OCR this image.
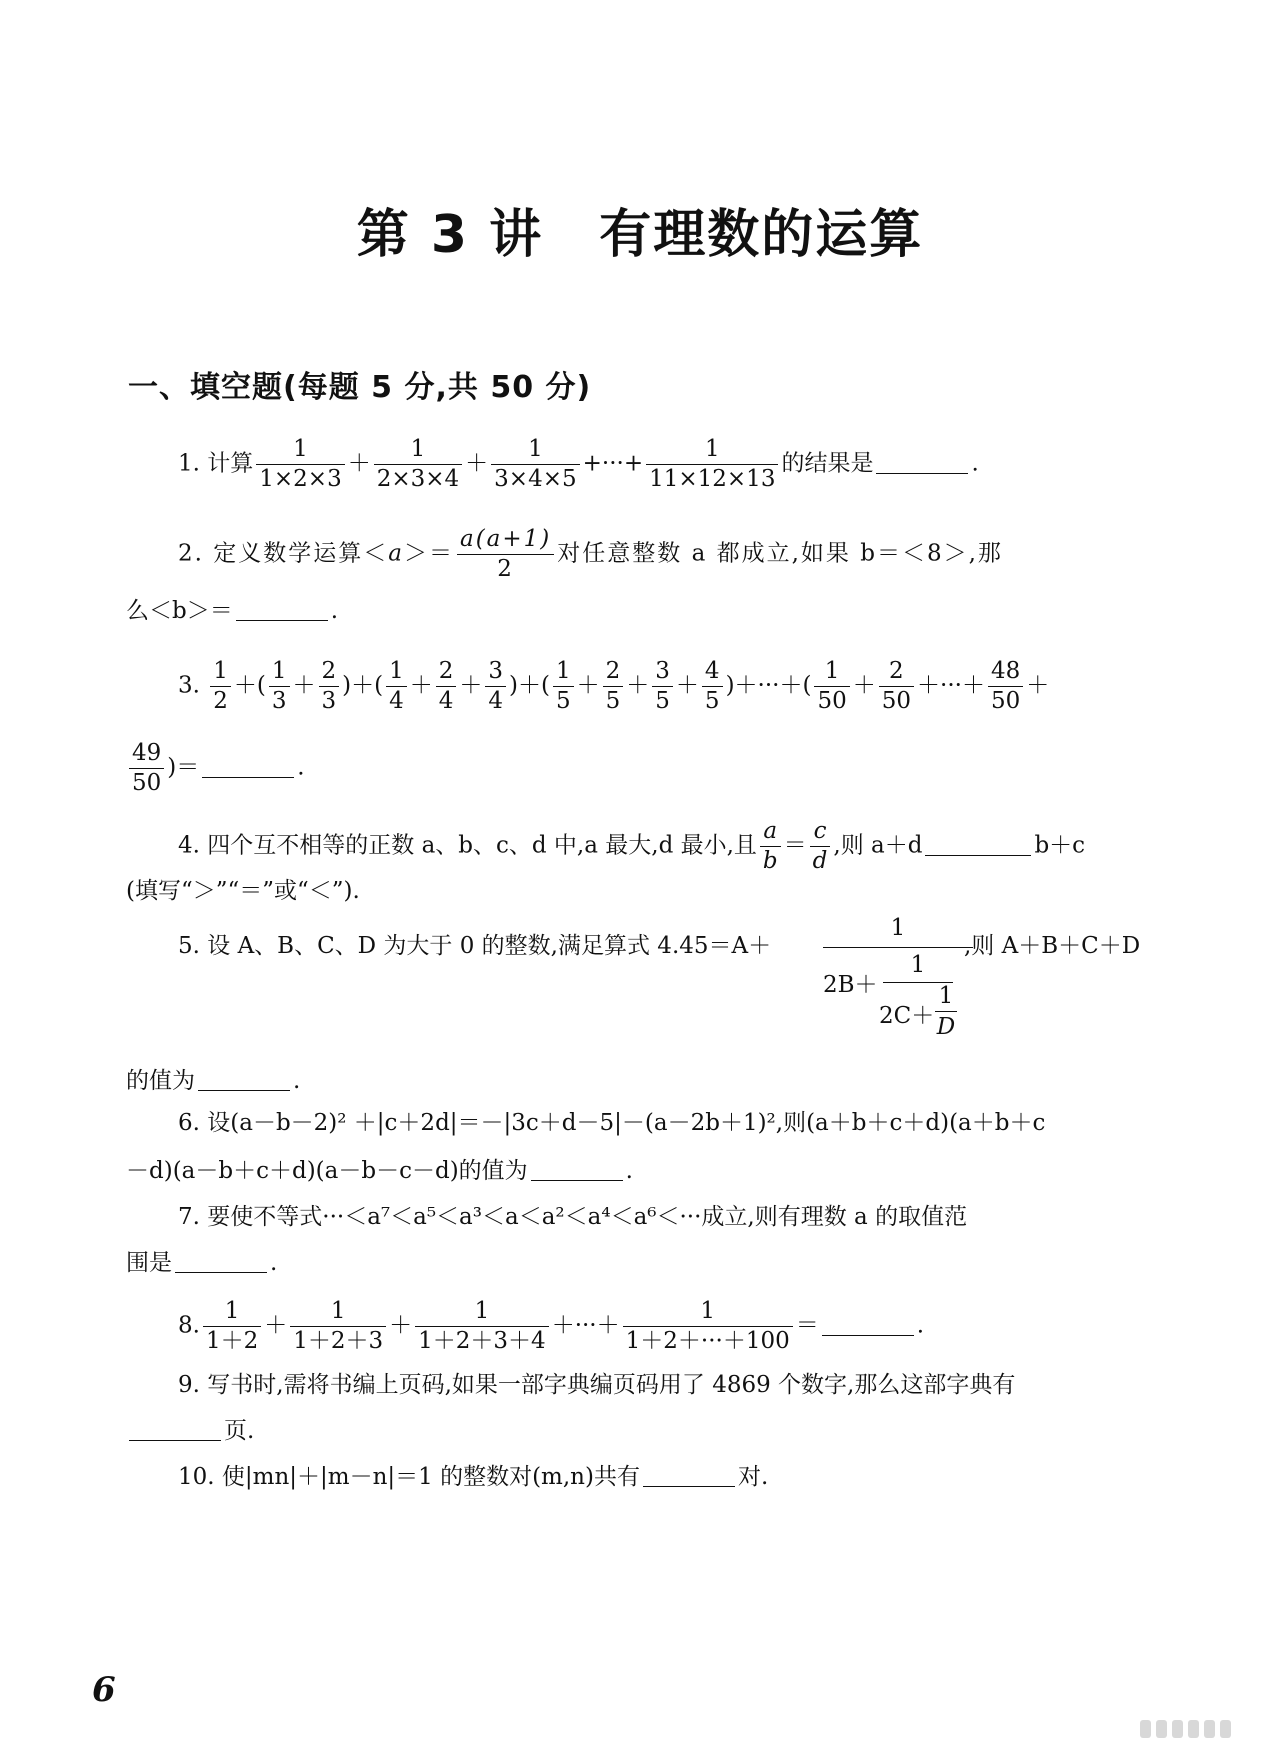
第 3 讲 有理数的运算
一、填空题(每题 5 分,共 50 分)
1. 计算 $\frac{1}{1\times 2\times 3} + \frac{1}{2\times 3\times 4} + \frac{1}{3\times 4\times 5}$ +···+ $\frac{1}{11\times 12\times 13}$ 的结果是	.
2. 定义数学运算$<a>= \frac{a(a+1)}{2}$ 对任意整数 a 都成立,如果 b＝＜8＞,那
么＜b＞＝	.
3. $\frac{1}{2}$ ＋( $\frac{1}{3} + \frac{2}{3}$ )＋( $\frac{1}{4} + \frac{2}{4} + \frac{3}{4}$ )＋( $\frac{1}{5} + \frac{2}{5} + \frac{3}{5} + \frac{4}{5}$ )＋···＋( $\frac{1}{50} + \frac{2}{50}$ ＋···＋ $\frac{48}{50}$ ＋
$\frac{49}{50}$ )＝	.
4. 四个互不相等的正数 a、b、c、d 中,a 最大,d 最小,且 $\frac{a}{b} = \frac{c}{d}$ ,则 a＋d	b＋c
(填写“＞”“＝”或“＜”).
5. 设 A、B、C、D 为大于 0 的整数,满足算式 4.45＝A＋	,则 A＋B＋C＋D
1
2B＋
1
2C＋
1
D
的值为	.
6. 设(a－b－2)² ＋|c＋2d|＝－|3c＋d－5|－(a－2b＋1)²,则(a＋b＋c＋d)(a＋b＋c
－d)(a－b＋c＋d)(a－b－c－d)的值为	.
7. 要使不等式···＜a⁷＜a⁵＜a³＜a＜a²＜a⁴＜a⁶＜···成立,则有理数 a 的取值范
围是	.
8. $\frac{1}{1+2} + \frac{1}{1+2+3} + \frac{1}{1+2+3+4}$ ＋···＋ $\frac{1}{1+2+\cdot\cdot\cdot+100}$ ＝	.
9. 写书时,需将书编上页码,如果一部字典编页码用了 4869 个数字,那么这部字典有
页.
10. 使|mn|＋|m－n|＝1 的整数对(m,n)共有	对.
6
